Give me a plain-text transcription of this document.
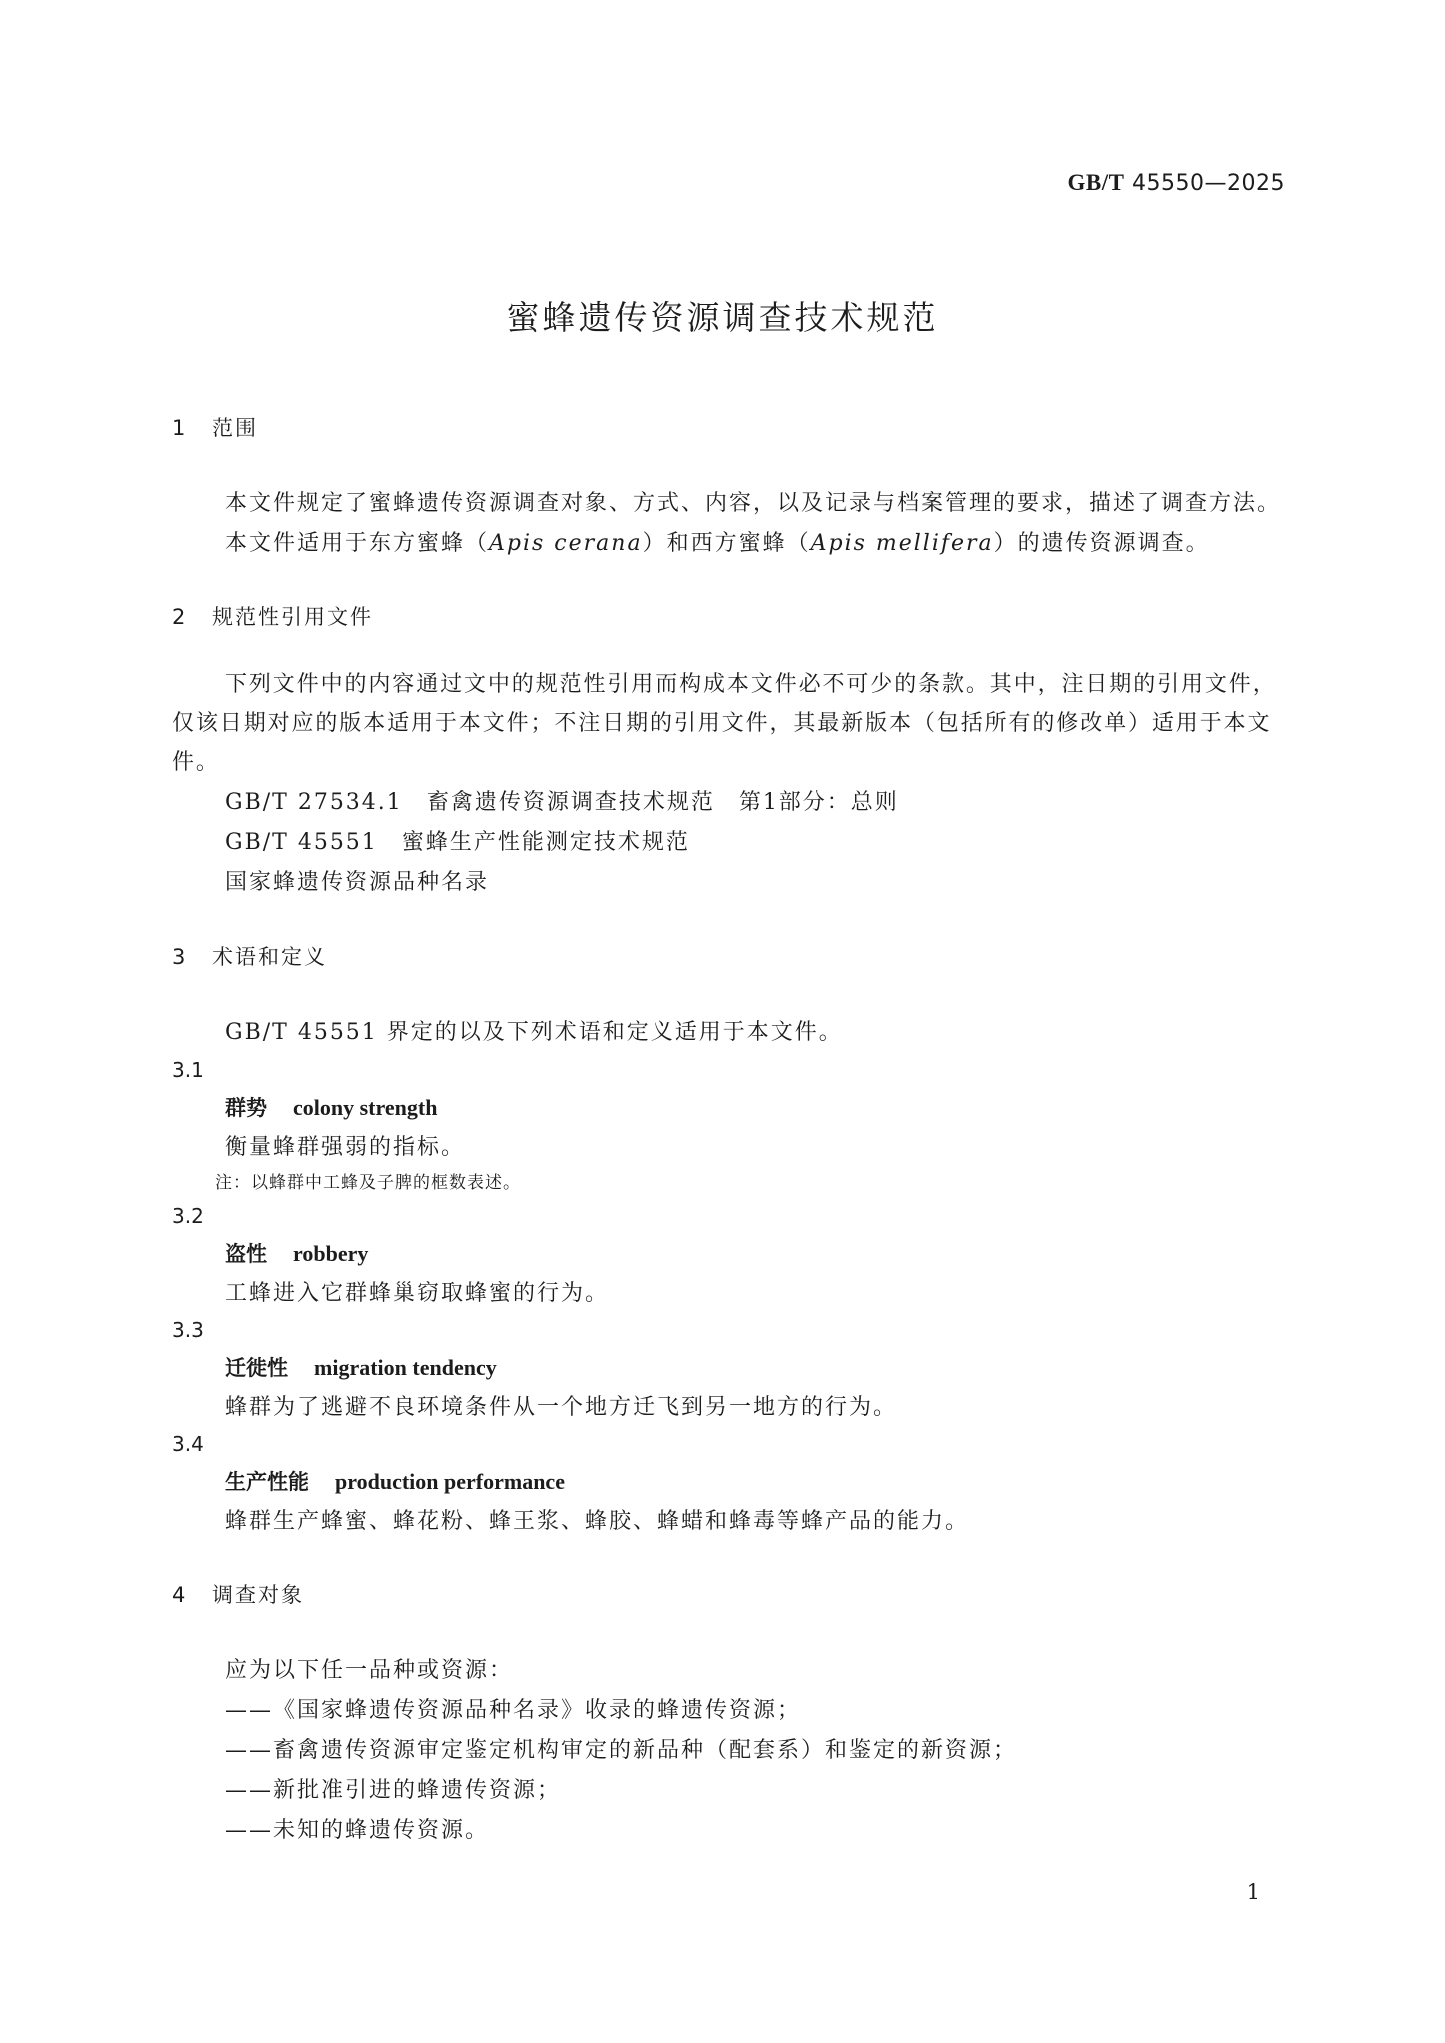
GB/T 45550—2025
蜜蜂遗传资源调查技术规范
1 范围
本文件规定了蜜蜂遗传资源调查对象、方式、内容，以及记录与档案管理的要求，描述了调查方法。
本文件适用于东方蜜蜂（Apis cerana）和西方蜜蜂（Apis mellifera）的遗传资源调查。
2 规范性引用文件
下列文件中的内容通过文中的规范性引用而构成本文件必不可少的条款。其中，注日期的引用文件，仅该日期对应的版本适用于本文件；不注日期的引用文件，其最新版本（包括所有的修改单）适用于本文件。
GB/T 27534.1　 畜禽遗传资源调查技术规范　第1部分：总则
GB/T 45551　 蜜蜂生产性能测定技术规范
国家蜂遗传资源品种名录
3 术语和定义
GB/T 45551 界定的以及下列术语和定义适用于本文件。
3.1
群势 colony strength
衡量蜂群强弱的指标。
注：以蜂群中工蜂及子脾的框数表述。
3.2
盗性 robbery
工蜂进入它群蜂巢窃取蜂蜜的行为。
3.3
迁徙性 migration tendency
蜂群为了逃避不良环境条件从一个地方迁飞到另一地方的行为。
3.4
生产性能 production performance
蜂群生产蜂蜜、蜂花粉、蜂王浆、蜂胶、蜂蜡和蜂毒等蜂产品的能力。
4 调查对象
应为以下任一品种或资源：
——《国家蜂遗传资源品种名录》收录的蜂遗传资源；
——畜禽遗传资源审定鉴定机构审定的新品种（配套系）和鉴定的新资源；
——新批准引进的蜂遗传资源；
——未知的蜂遗传资源。
1
